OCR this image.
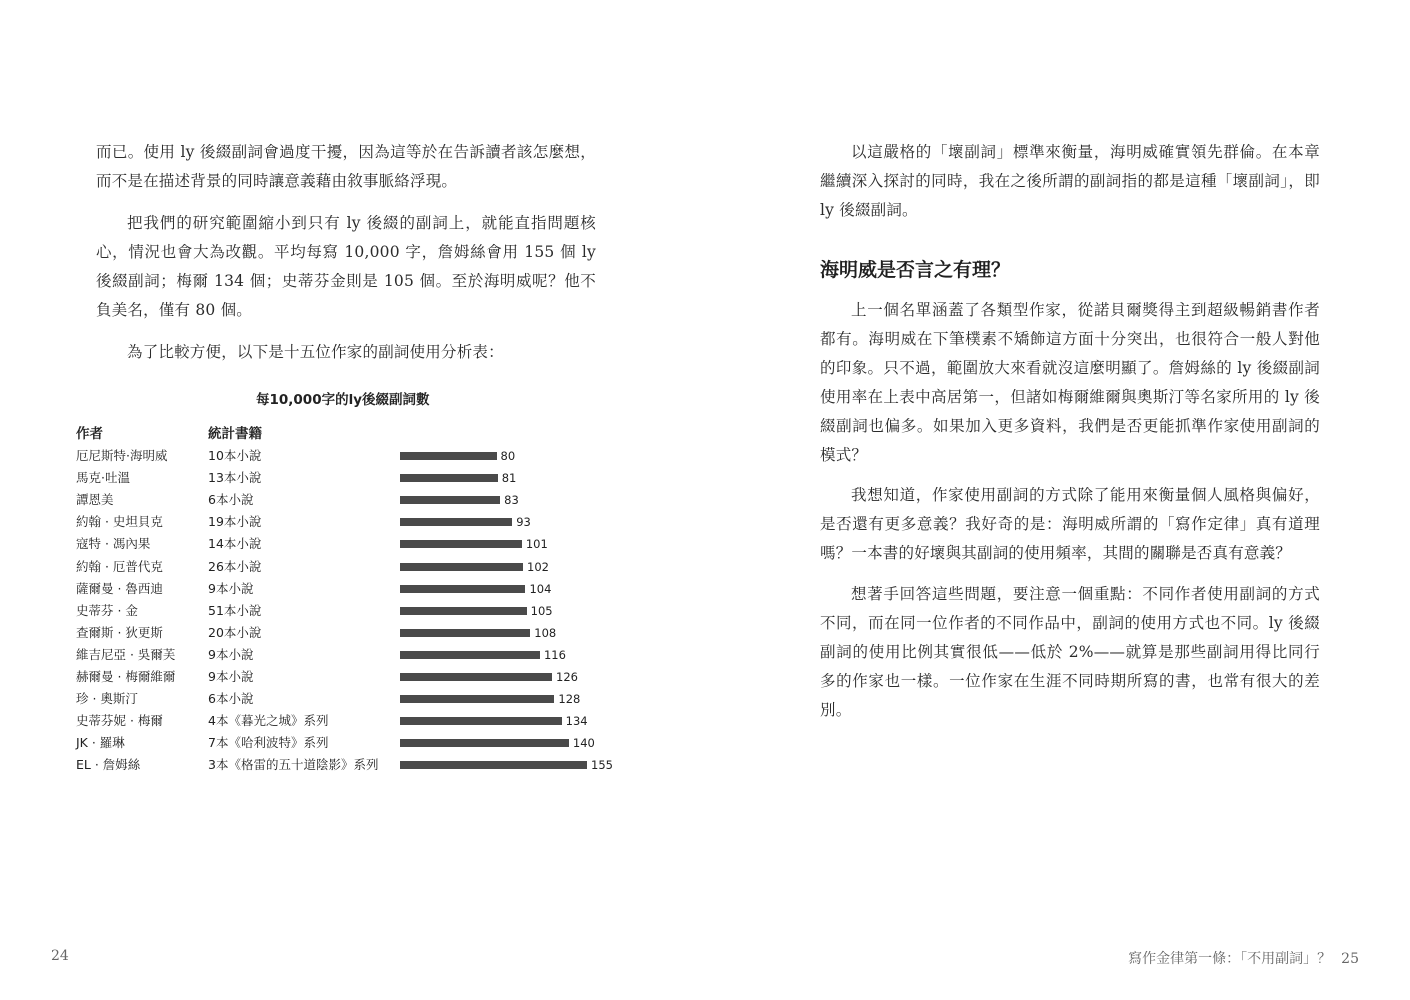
而已。使用 ly 後綴副詞會過度干擾，因為這等於在告訴讀者該怎麼想，而不是在描述背景的同時讓意義藉由敘事脈絡浮現。

把我們的研究範圍縮小到只有 ly 後綴的副詞上，就能直指問題核心，情況也會大為改觀。平均每寫 10,000 字，詹姆絲會用 155 個 ly 後綴副詞；梅爾 134 個；史蒂芬金則是 105 個。至於海明威呢？他不負美名，僅有 80 個。

為了比較方便，以下是十五位作家的副詞使用分析表：

每10,000字的ly後綴副詞數
作者	統計書籍
厄尼斯特·海明威	10本小說	80
馬克·吐溫	13本小說	81
譚恩美	6本小說	83
約翰 · 史坦貝克	19本小說	93
寇特 · 馮內果	14本小說	101
約翰 · 厄普代克	26本小說	102
薩爾曼 · 魯西迪	9本小說	104
史蒂芬 · 金	51本小說	105
查爾斯 · 狄更斯	20本小說	108
維吉尼亞 · 吳爾芙	9本小說	116
赫爾曼 · 梅爾維爾	9本小說	126
珍 · 奧斯汀	6本小說	128
史蒂芬妮 · 梅爾	4本《暮光之城》系列	134
JK · 羅琳	7本《哈利波特》系列	140
EL · 詹姆絲	3本《格雷的五十道陰影》系列	155
24

以這嚴格的「壞副詞」標準來衡量，海明威確實領先群倫。在本章繼續深入探討的同時，我在之後所謂的副詞指的都是這種「壞副詞」，即 ly 後綴副詞。

海明威是否言之有理？

上一個名單涵蓋了各類型作家，從諾貝爾獎得主到超級暢銷書作者都有。海明威在下筆樸素不矯飾這方面十分突出，也很符合一般人對他的印象。只不過，範圍放大來看就沒這麼明顯了。詹姆絲的 ly 後綴副詞使用率在上表中高居第一，但諸如梅爾維爾與奧斯汀等名家所用的 ly 後綴副詞也偏多。如果加入更多資料，我們是否更能抓準作家使用副詞的模式？

我想知道，作家使用副詞的方式除了能用來衡量個人風格與偏好，是否還有更多意義？我好奇的是：海明威所謂的「寫作定律」真有道理嗎？一本書的好壞與其副詞的使用頻率，其間的關聯是否真有意義？

想著手回答這些問題，要注意一個重點：不同作者使用副詞的方式不同，而在同一位作者的不同作品中，副詞的使用方式也不同。ly 後綴副詞的使用比例其實很低——低於 2%——就算是那些副詞用得比同行多的作家也一樣。一位作家在生涯不同時期所寫的書，也常有很大的差別。

寫作金律第一條：「不用副詞」？ 25
